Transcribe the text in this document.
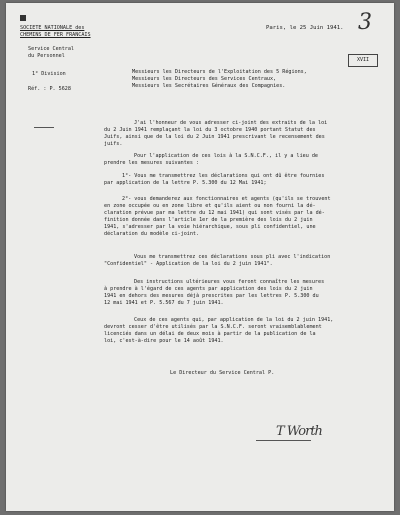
SOCIETE NATIONALE des
CHEMINS DE FER FRANCAIS
Service Central
du Personnel
1° Division
Réf. : P. 5628
Paris, le 25 Juin 1941. 3
XVII
Messieurs les Directeurs de l'Exploitation des 5 Régions,
Messieurs les Directeurs des Services Centraux,
Messieurs les Secrétaires Généraux des Compagnies.
J'ai l'honneur de vous adresser ci-joint des extraits de la loi
du 2 Juin 1941 remplaçant la loi du 3 octobre 1940 portant Statut des
Juifs, ainsi que de la loi du 2 Juin 1941 prescrivant le recensement des
juifs.
Pour l'application de ces lois à la S.N.C.F., il y a lieu de
prendre les mesures suivantes :
1°- Vous me transmettrez les déclarations qui ont dû être fournies
par application de la lettre P. 5.300 du 12 Mai 1941;
2°- vous demanderez aux fonctionnaires et agents (qu'ils se trouvent
en zone occupée ou en zone libre et qu'ils aient ou non fourni la dé-
claration prévue par ma lettre du 12 mai 1941) qui sont visés par la dé-
finition donnée dans l'article 1er de la première des lois du 2 juin
1941, s'adresser par la voie hiérarchique, sous pli confidentiel, une
déclaration du modèle ci-joint.
Vous me transmettrez ces déclarations sous pli avec l'indication
"Confidentiel" - Application de la loi du 2 juin 1941".
Des instructions ultérieures vous feront connaître les mesures
à prendre à l'égard de ces agents par application des lois du 2 juin
1941 en dehors des mesures déjà prescrites par les lettres P. 5.300 du
12 mai 1941 et P. 5.567 du 7 juin 1941.
Ceux de ces agents qui, par application de la loi du 2 juin 1941,
devront cesser d'être utilisés par la S.N.C.F. seront vraisemblablement
licenciés dans un délai de deux mois à partir de la publication de la
loi, c'est-à-dire pour le 14 août 1941.
Le Directeur du Service Central P.
T Worth
